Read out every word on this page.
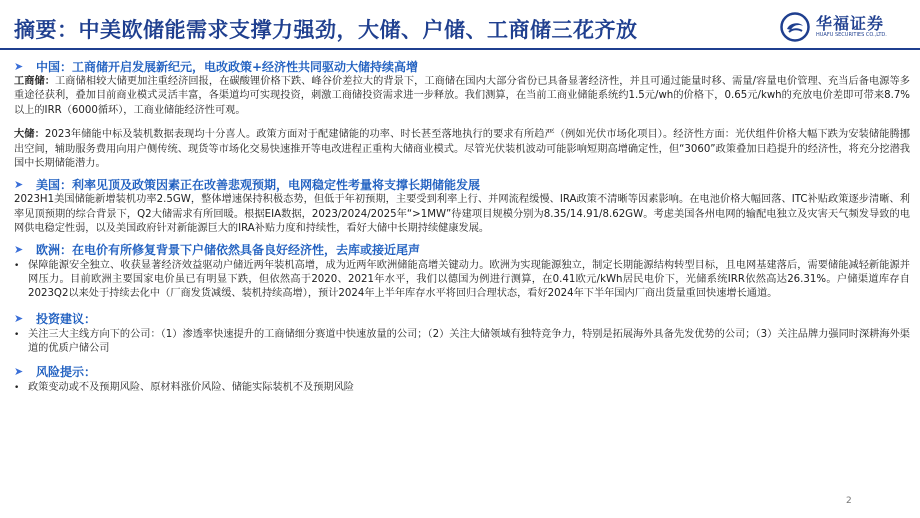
摘要：中美欧储能需求支撑力强劲，大储、户储、工商储三花齐放	华福证券
HUAFU SECURITIES CO.,LTD.
➤	中国：工商储开启发展新纪元，电改政策+经济性共同驱动大储持续高增

工商储：工商储相较大储更加注重经济回报，在碳酸锂价格下跌、峰谷价差拉大的背景下，工商储在国内大部分省份已具备显著经济性，并且可通过能量时移、需量/容量电价管理、充当后备电源等多重途径获利，叠加目前商业模式灵活丰富，各渠道均可实现投资，刺激工商储投资需求进一步释放。我们测算，在当前工商业储能系统约1.5元/wh的价格下，0.65元/kwh的充放电价差即可带来8.7%以上的IRR（6000循环），工商业储能经济性可观。

大储：2023年储能中标及装机数据表现均十分喜人。政策方面对于配建储能的功率、时长甚至落地执行的要求有所趋严（例如光伏市场化项目）。经济性方面：光伏组件价格大幅下跌为安装储能腾挪出空间，辅助服务费用向用户侧传统、现货等市场化交易快速推开等电改进程正重构大储商业模式。尽管光伏装机波动可能影响短期高增确定性，但“3060”政策叠加日趋提升的经济性，将充分挖潜我国中长期储能潜力。

➤	美国：利率见顶及政策因素正在改善悲观预期，电网稳定性考量将支撑长期储能发展

2023H1美国储能新增装机功率2.5GW，整体增速保持积极态势，但低于年初预期，主要受到利率上行、并网流程缓慢、IRA政策不清晰等因素影响。在电池价格大幅回落、ITC补贴政策逐步清晰、利率见顶预期的综合背景下，Q2大储需求有所回暖。根据EIA数据，2023/2024/2025年“>1MW”待建项目规模分别为8.35/14.91/8.62GW。考虑美国各州电网的输配电独立及灾害天气频发导致的电网供电稳定性弱，以及美国政府针对新能源巨大的IRA补贴力度和持续性，看好大储中长期持续健康发展。

➤	欧洲：在电价有所修复背景下户储依然具备良好经济性，去库或接近尾声
• 保障能源安全独立、收获显著经济效益驱动户储近两年装机高增，成为近两年欧洲储能高增关键动力。欧洲为实现能源独立，制定长期能源结构转型目标，且电网基建落后，需要储能减轻新能源并网压力。目前欧洲主要国家电价虽已有明显下跌，但依然高于2020、2021年水平，我们以德国为例进行测算，在0.41欧元/kWh居民电价下，光储系统IRR依然高达26.31%。户储渠道库存自2023Q2以来处于持续去化中（厂商发货减缓、装机持续高增），预计2024年上半年库存水平将回归合理状态，看好2024年下半年国内厂商出货量重回快速增长通道。
➤	投资建议：
• 关注三大主线方向下的公司：（1）渗透率快速提升的工商储细分赛道中快速放量的公司；（2）关注大储领域有独特竞争力，特别是拓展海外具备先发优势的公司；（3）关注品牌力强同时深耕海外渠道的优质户储公司
➤	风险提示：
• 政策变动或不及预期风险、原材料涨价风险、储能实际装机不及预期风险
2
